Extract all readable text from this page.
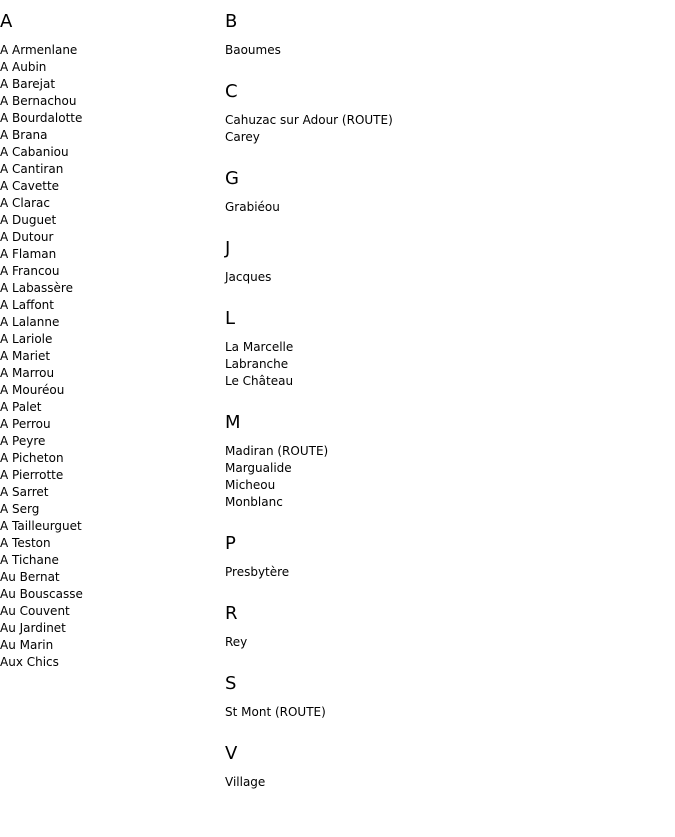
A
A Armenlane
A Aubin
A Barejat
A Bernachou
A Bourdalotte
A Brana
A Cabaniou
A Cantiran
A Cavette
A Clarac
A Duguet
A Dutour
A Flaman
A Francou
A Labassère
A Laffont
A Lalanne
A Lariole
A Mariet
A Marrou
A Mouréou
A Palet
A Perrou
A Peyre
A Picheton
A Pierrotte
A Sarret
A Serg
A Tailleurguet
A Teston
A Tichane
Au Bernat
Au Bouscasse
Au Couvent
Au Jardinet
Au Marin
Aux Chics
B
Baoumes
C
Cahuzac sur Adour (ROUTE)
Carey
G
Grabiéou
J
Jacques
L
La Marcelle
Labranche
Le Château
M
Madiran (ROUTE)
Margualide
Micheou
Monblanc
P
Presbytère
R
Rey
S
St Mont (ROUTE)
V
Village
